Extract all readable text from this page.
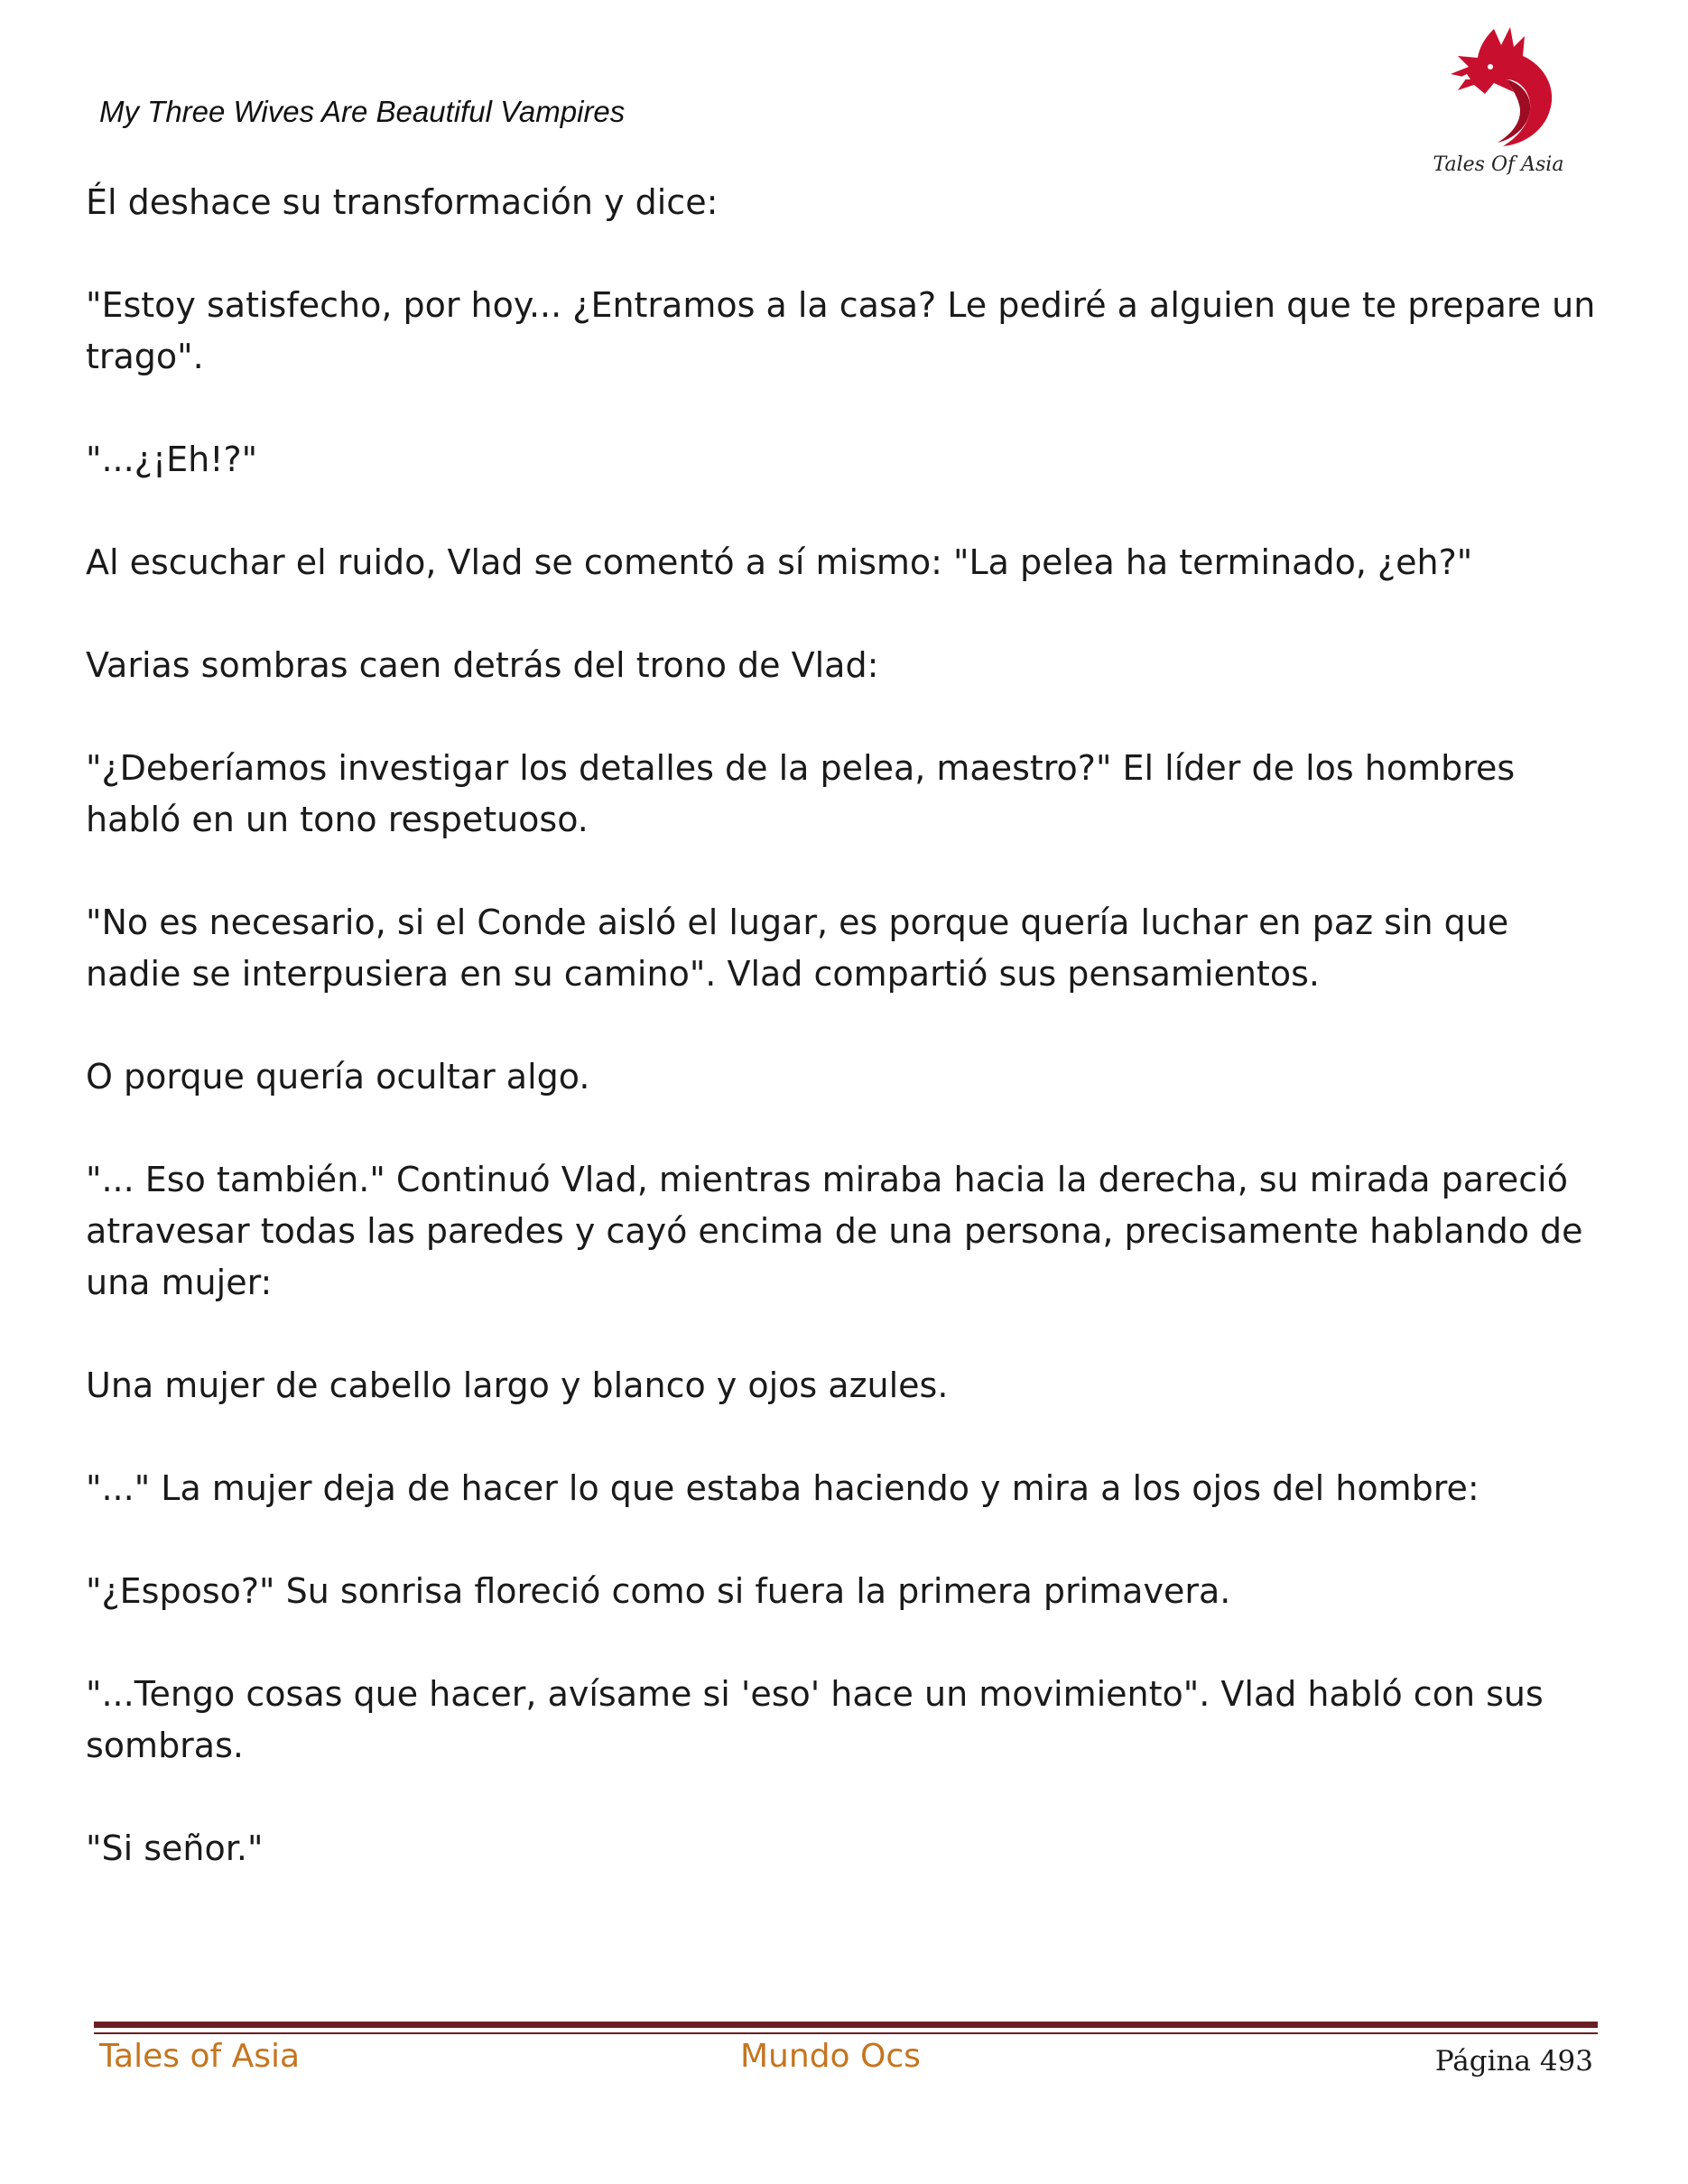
My Three Wives Are Beautiful Vampires
Tales Of Asia

Él deshace su transformación y dice:

"Estoy satisfecho, por hoy... ¿Entramos a la casa? Le pediré a alguien que te prepare un trago".

"...¿¡Eh!?"

Al escuchar el ruido, Vlad se comentó a sí mismo: "La pelea ha terminado, ¿eh?"

Varias sombras caen detrás del trono de Vlad:

"¿Deberíamos investigar los detalles de la pelea, maestro?" El líder de los hombres habló en un tono respetuoso.

"No es necesario, si el Conde aisló el lugar, es porque quería luchar en paz sin que nadie se interpusiera en su camino". Vlad compartió sus pensamientos.

O porque quería ocultar algo.

"... Eso también." Continuó Vlad, mientras miraba hacia la derecha, su mirada pareció atravesar todas las paredes y cayó encima de una persona, precisamente hablando de una mujer:

Una mujer de cabello largo y blanco y ojos azules.

"..." La mujer deja de hacer lo que estaba haciendo y mira a los ojos del hombre:

"¿Esposo?" Su sonrisa floreció como si fuera la primera primavera.

"...Tengo cosas que hacer, avísame si 'eso' hace un movimiento". Vlad habló con sus sombras.

"Si señor."

Tales of Asia	Mundo Ocs	Página 493
